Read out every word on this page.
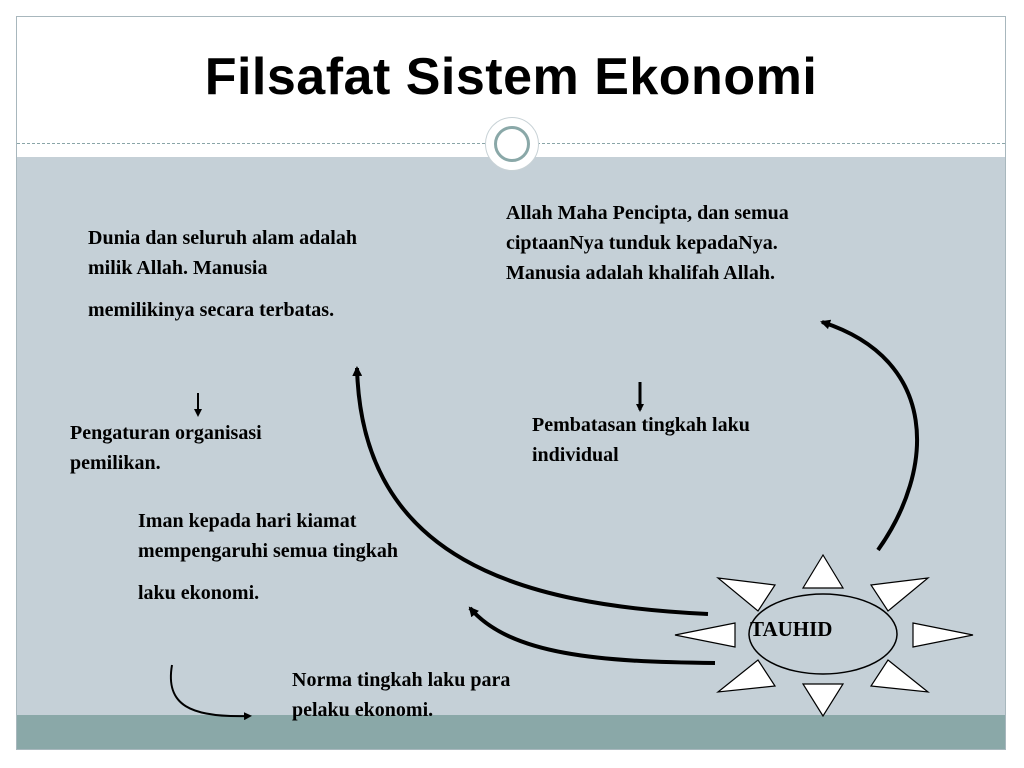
Filsafat Sistem Ekonomi
TAUHID
Dunia dan seluruh alam adalah
milik Allah. Manusia
memilikinya secara terbatas.
Allah Maha Pencipta, dan semua
ciptaanNya tunduk kepadaNya.
Manusia adalah khalifah Allah.
Pengaturan organisasi
pemilikan.
Pembatasan tingkah laku
individual
Iman kepada hari kiamat
mempengaruhi semua tingkah
laku ekonomi.
Norma tingkah laku para
pelaku ekonomi.
